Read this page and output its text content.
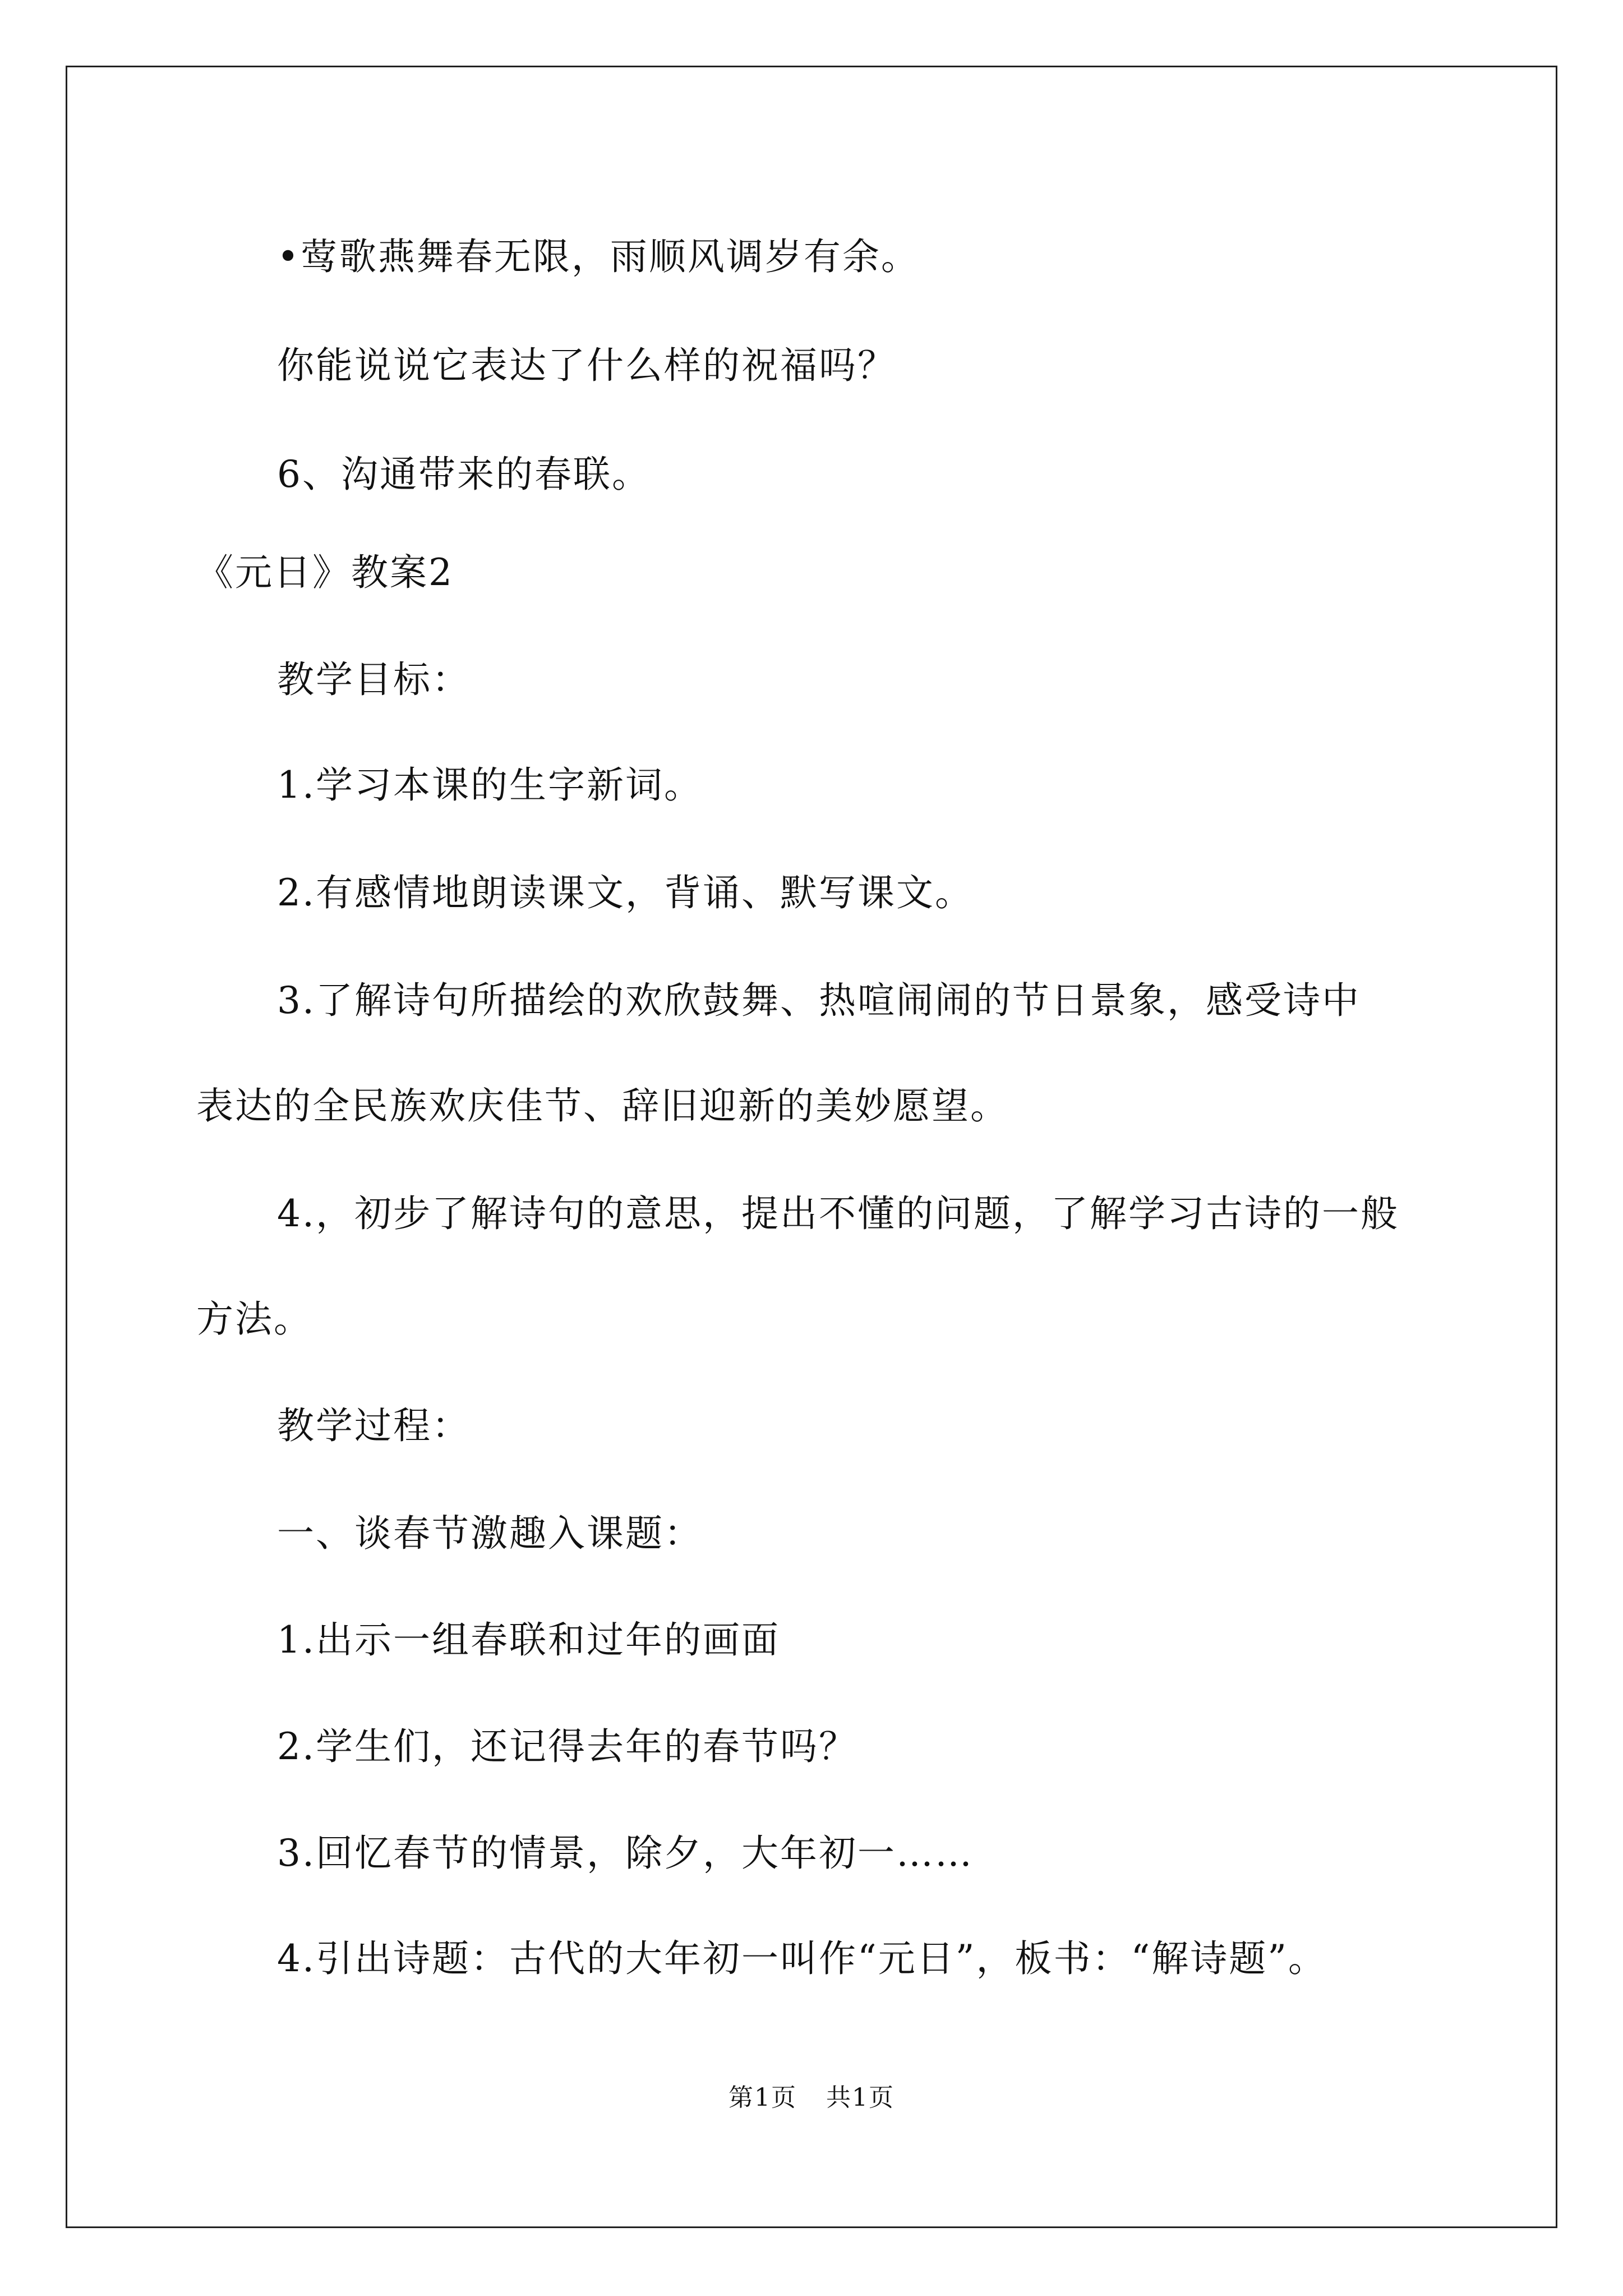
•莺歌燕舞春无限，雨顺风调岁有余。
你能说说它表达了什么样的祝福吗？
6、沟通带来的春联。
《元日》教案2
教学目标：
1.学习本课的生字新词。
2.有感情地朗读课文，背诵、默写课文。
3.了解诗句所描绘的欢欣鼓舞、热喧闹闹的节日景象，感受诗中
表达的全民族欢庆佳节、辞旧迎新的美妙愿望。
4.，初步了解诗句的意思，提出不懂的问题，了解学习古诗的一般
方法。
教学过程：
一、谈春节激趣入课题：
1.出示一组春联和过年的画面
2.学生们，还记得去年的春节吗？
3.回忆春节的情景，除夕，大年初一……
4.引出诗题：古代的大年初一叫作“元日”，板书：“解诗题”。
第1页 共1页
